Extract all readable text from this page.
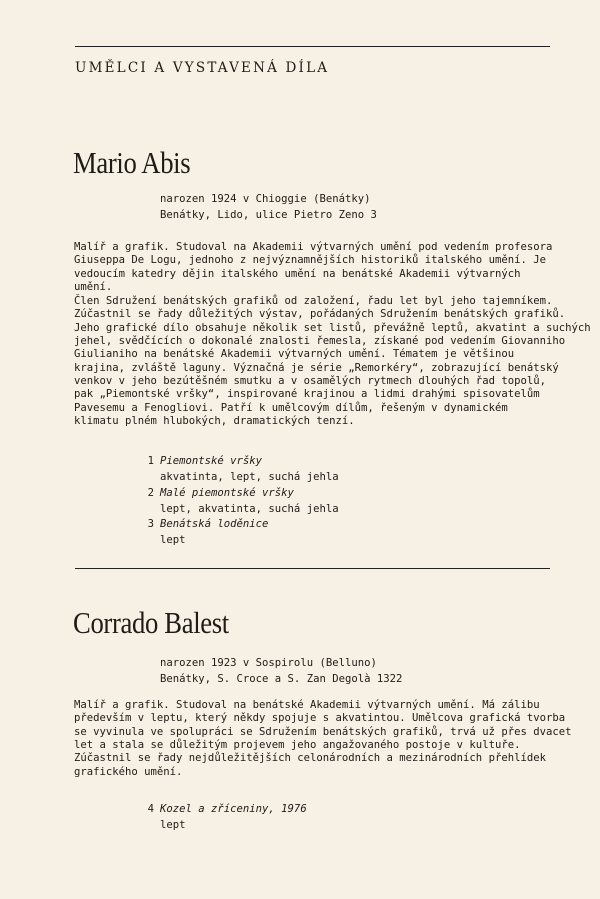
UMĚLCI A VYSTAVENÁ DÍLA
Mario Abis
narozen 1924 v Chioggie (Benátky)
Benátky, Lido, ulice Pietro Zeno 3
Malíř a grafik. Studoval na Akademii výtvarných umění pod vedením profesora
Giuseppa De Logu, jednoho z nejvýznamnějších historiků italského umění. Je
vedoucím katedry dějin italského umění na benátské Akademii výtvarných
umění.
Člen Sdružení benátských grafiků od založení, řadu let byl jeho tajemníkem.
Zúčastnil se řady důležitých výstav, pořádaných Sdružením benátských grafiků.
Jeho grafické dílo obsahuje několik set listů, převážně leptů, akvatint a suchých
jehel, svědčících o dokonalé znalosti řemesla, získané pod vedením Giovanniho
Giulianiho na benátské Akademii výtvarných umění. Tématem je většinou
krajina, zvláště laguny. Význačná je série „Remorkéry“, zobrazující benátský
venkov v jeho bezútěšném smutku a v osamělých rytmech dlouhých řad topolů,
pak „Piemontské vršky“, inspirované krajinou a lidmi drahými spisovatelům
Pavesemu a Fenogliovi. Patří k umělcovým dílům, řešeným v dynamickém
klimatu plném hlubokých, dramatických tenzí.
1 Piemontské vršky
akvatinta, lept, suchá jehla
2 Malé piemontské vršky
lept, akvatinta, suchá jehla
3 Benátská loděnice
lept
Corrado Balest
narozen 1923 v Sospirolu (Belluno)
Benátky, S. Croce a S. Zan Degolà 1322
Malíř a grafik. Studoval na benátské Akademii výtvarných umění. Má zálibu
především v leptu, který někdy spojuje s akvatintou. Umělcova grafická tvorba
se vyvinula ve spolupráci se Sdružením benátských grafiků, trvá už přes dvacet
let a stala se důležitým projevem jeho angažovaného postoje v kultuře.
Zúčastnil se řady nejdůležitějších celonárodních a mezinárodních přehlídek
grafického umění.
4 Kozel a zříceniny, 1976
lept
